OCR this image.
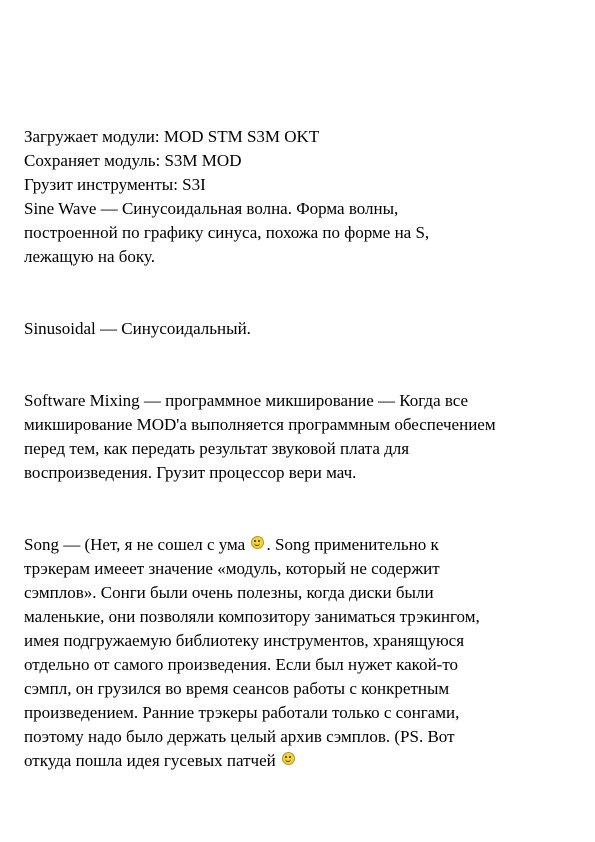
Загружает модули: MOD STM S3M OKT
Сохраняет модуль: S3M MOD
Грузит инструменты: S3I
Sine Wave — Синусоидальная волна. Форма волны,
построенной по графику синуса, похожа по форме на S,
лежащую на боку.
Sinusoidal — Синусоидальный.
Software Mixing — программное микширование — Когда все
микширование MOD'а выполняется программным обеспечением
перед тем, как передать результат звуковой плата для
воспроизведения. Грузит процессор вери мач.
Song — (Нет, я не сошел с ума . Song применительно к
трэкерам имееет значение «модуль, который не содержит
сэмплов». Сонги были очень полезны, когда диски были
маленькие, они позволяли композитору заниматься трэкингом,
имея подгружаемую библиотеку инструментов, хранящуюся
отдельно от самого произведения. Если был нужет какой-то
сэмпл, он грузился во время сеансов работы с конкретным
произведением. Ранние трэкеры работали только с сонгами,
поэтому надо было держать целый архив сэмплов. (PS. Вот
откуда пошла идея гусевых патчей
